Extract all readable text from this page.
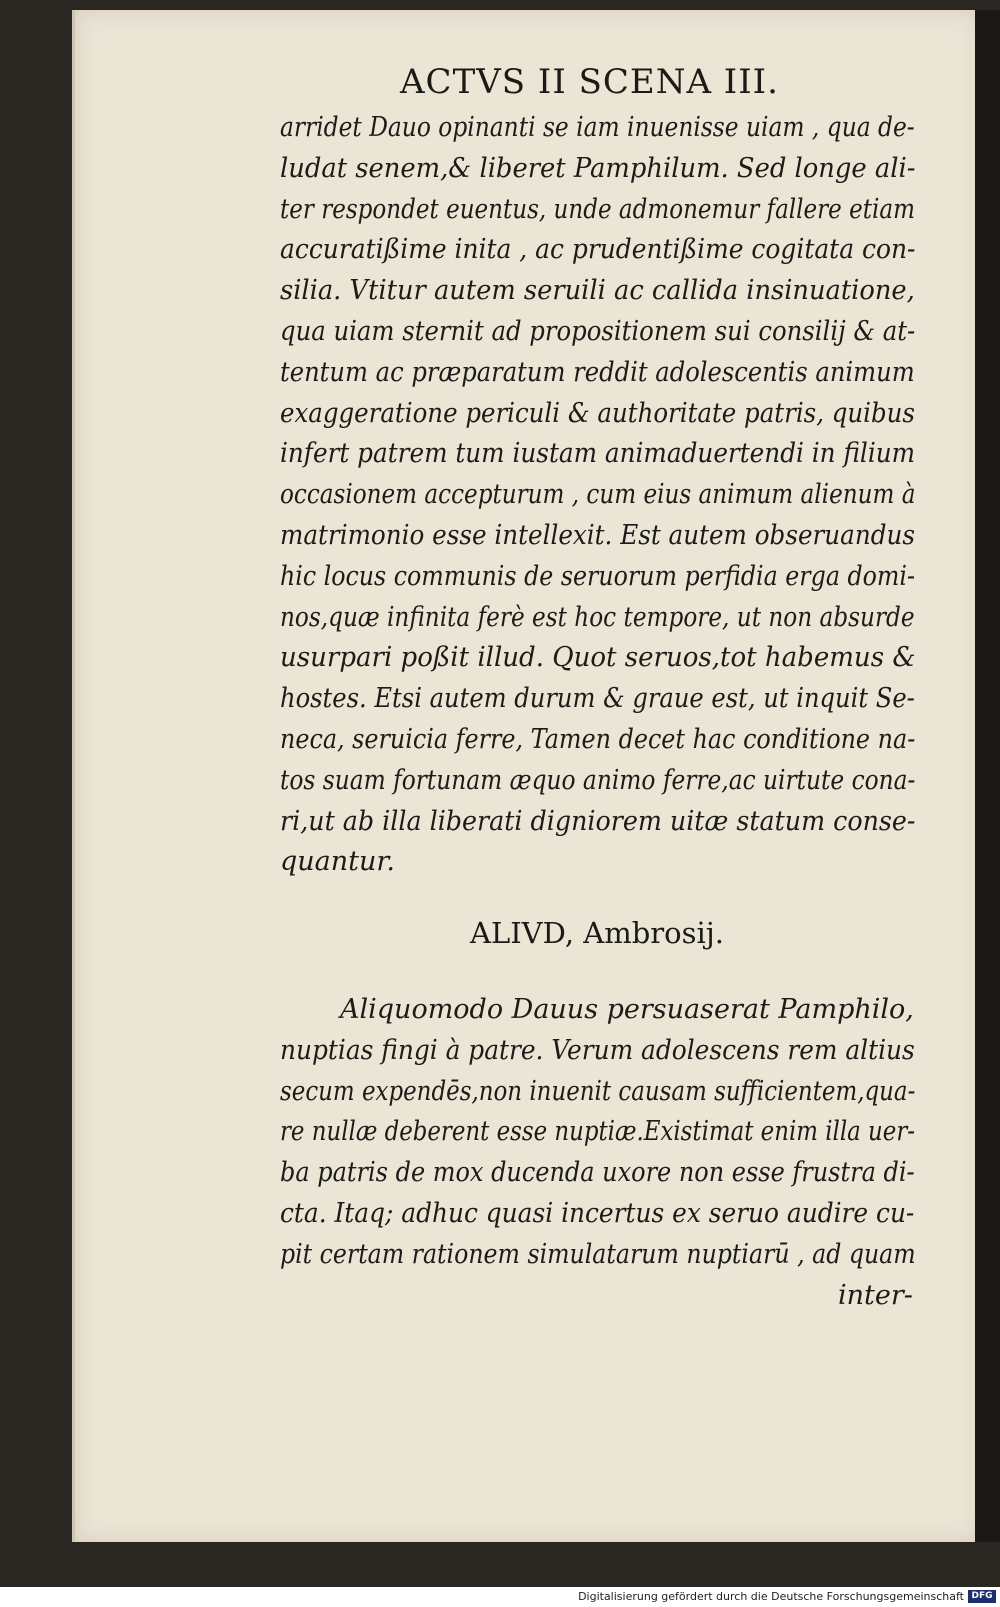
ACTVS II SCENA III.
arridet Dauo opinanti se iam inuenisse uiam , qua de-
ludat senem,& liberet Pamphilum. Sed longe ali-
ter respondet euentus, unde admonemur fallere etiam
accuratißime inita , ac prudentißime cogitata con-
silia. Vtitur autem seruili ac callida insinuatione,
qua uiam sternit ad propositionem sui consilij & at-
tentum ac præparatum reddit adolescentis animum
exaggeratione periculi & authoritate patris, quibus
infert patrem tum iustam animaduertendi in filium
occasionem accepturum , cum eius animum alienum à
matrimonio esse intellexit. Est autem obseruandus
hic locus communis de seruorum perfidia erga domi-
nos,quæ infinita ferè est hoc tempore, ut non absurde
usurpari poßit illud. Quot seruos,tot habemus &
hostes. Etsi autem durum & graue est, ut inquit Se-
neca, seruicia ferre, Tamen decet hac conditione na-
tos suam fortunam æquo animo ferre,ac uirtute cona-
ri,ut ab illa liberati digniorem uitæ statum conse-
quantur.
ALIVD, Ambrosij.
Aliquomodo Dauus persuaserat Pamphilo,
nuptias fingi à patre. Verum adolescens rem altius
secum expendēs,non inuenit causam sufficientem,qua-
re nullæ deberent esse nuptiæ.Existimat enim illa uer-
ba patris de mox ducenda uxore non esse frustra di-
cta. Itaq; adhuc quasi incertus ex seruo audire cu-
pit certam rationem simulatarum nuptiarū , ad quam
inter-
Digitalisierung gefördert durch die Deutsche Forschungsgemeinschaft DFG
